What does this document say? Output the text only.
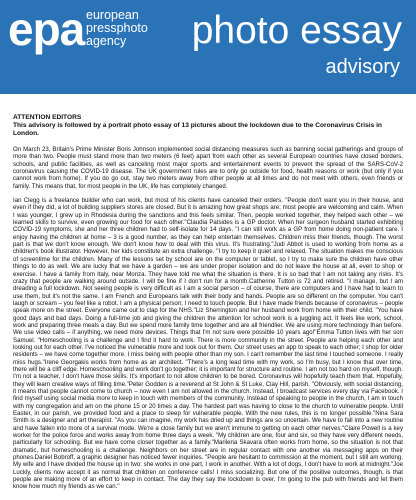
epa european
pressphoto
agency	photo essay
advisory
ATTENTION EDITORS
This advisory is followed by a portrait photo essay of 13 pictures about the lockdown due to the Coronavirus Crisis in London.

On March 23, Britain's Prime Minister Boris Johnson implemented social distancing measures such as banning social gatherings and groups of more than two. People must stand more than two meters (6 feet) apart from each other as several European countries have closed borders, schools, and public facilities, as well as canceling most major sports and entertainment events to prevent the spread of the SARS-CoV-2 coronavirus causing the COVID-19 disease. The UK government rules are to only go outside for food, health reasons or work (but only if you cannot work from home). If you do go out, stay two meters away from other people at all times and do not meet with others, even friends or family. This means that, for most people in the UK, life has completely changed.

Ian Clegg is a freelance builder who can work, but most of his clients have canceled their orders. "People don't want you in their house, and even if they did, a lot of building suppliers stores are closed. But it is amazing how great shops are; most people are welcoming and calm. When I was younger, I grew up in Rhodesia during the sanctions and this feels similar. Then, people worked together, they helped each other – we learned skills to survive, even growing our food for each other."Claudia Patsides is a GP doctor. When her surgeon husband started exhibiting COVID-19 symptoms, she and her three children had to self-isolate for 14 days. "I can still work as a GP from home doing non-patient care. I enjoy having the children at home – 3 is a good number, as they can help entertain themselves. Children miss their friends, though. The worst part is that we don't know enough. We don't know how to deal with this virus. It's frustrating."Judi Abbot is used to working from home as a children's book illustrator. However, her kids constitute an extra challenge. "I try to keep it quiet and relaxed. The situation makes me conscious of screentime for the children. Many of the lessons set by school are on the computer or tablet, so I try to make sure the children have other things to do as well. We are lucky that we have a garden – we are under proper isolation and do not leave the house at all, even to shop or exercise. I have a family from Italy, near Monza. They have told me what the situation is there. It is so bad that I am not taking any risks. It's crazy that people are walking around outside. I will be fine if I don't run for a month.Catherine Tutton is 72 and retired. "I manage, but I am dreading a full lockdown. Not seeing people is very difficult as I am a social person – of course, there are computers and I have had to learn to use them, but it's not the same. I am French and Europeans talk with their body and hands. People are so different on the computer. You can't laugh or scream – you feel like a robot. I am a physical person; I need to touch people. But I have made friends because of coronavirus – people speak more on the street. Everyone came out to clap for the NHS."Liz Sherrington and her husband work from home with their child. "You have good days and bad days. Doing a full-time job and giving the children the attention for school work is a juggling act. It feels like work, school, work and preparing three meals a day. But we spend more family time together and are all friendlier. We are using more technology than before. We use video calls – if anything, we need more devices. Things that I'm not sure were possible 10 years ago!"Emma Tutton lives with her son Samuel. "Homeschooling is a challenge and I find it hard to work. There is more community in the street. People are helping each other and looking out for each other. I've noticed the vulnerable more and look out for them. Our street uses an app to speak to each other; I shop for older residents – we have come together more. I miss being with people other than my son. I can't remember the last time I touched someone. I really miss hugs."Irene Georgakis works from home as an architect. "There's a long lead time with my work, so I'm busy, but I know that over time, there will be a cliff edge. Homeschooling and work don't go together; it is important for structure and routine. I am not too hard on myself, though. I'm not a teacher, I don't have those skills. It's important to not allow children to be bored. Coronavirus will hopefully teach them that. Hopefully, they will learn creative ways of filling time."Peter Godden is a reverend at St John & St Luke, Clay Hill, parish. "Obviously, with social distancing, it means that people cannot come to church – now even I am not allowed in the church. Instead, I broadcast services every day via Facebook. I find myself using social media more to keep in touch with members of the community. Instead of speaking to people in the church, I am in touch with my congregation and am on the phone 15 or 20 times a day. The hardest part was having to close to the church to vulnerable people. Until Easter, in our parish, we provided food and a place to sleep for vulnerable people. With the new rules, this is no longer possible."Nina Sara Smith is a designer and art therapist. "As you can imagine, my work has dried up and things are so uncertain. We have to fall into a new routine and have fallen into more of a survival mode. We're a close family but we aren't immune to getting on each other nerves."Claire Powell is a key worker for the police force and works away from home three days a week. "My children are one, four and six, so they have very different needs, particularly for schooling. But we have come closer together as a family."Marilena Skavara often works from home, so the situation is not that dramatic, but homeschooling is a challenge. Neighbors on her street are in regular contact with one another via messaging apps on their phones.Daniel Bobroff, a graphic designer has noticed fewer inquiries. "People are hesitant to commission at the moment, but I still am working. My wife and I have divided the house up in two: she works in one part, I work in another. With a lot of dogs, I don't have to work at midnight."Joe Luckly, clients now accept it as normal that children on conference calls! I miss socializing. But one of the positive outcomes, though, is that people are making more of an effort to keep in contact. The day they say the lockdown is over, I'm going to the pub with friends and let them know how much my friends as we can."
